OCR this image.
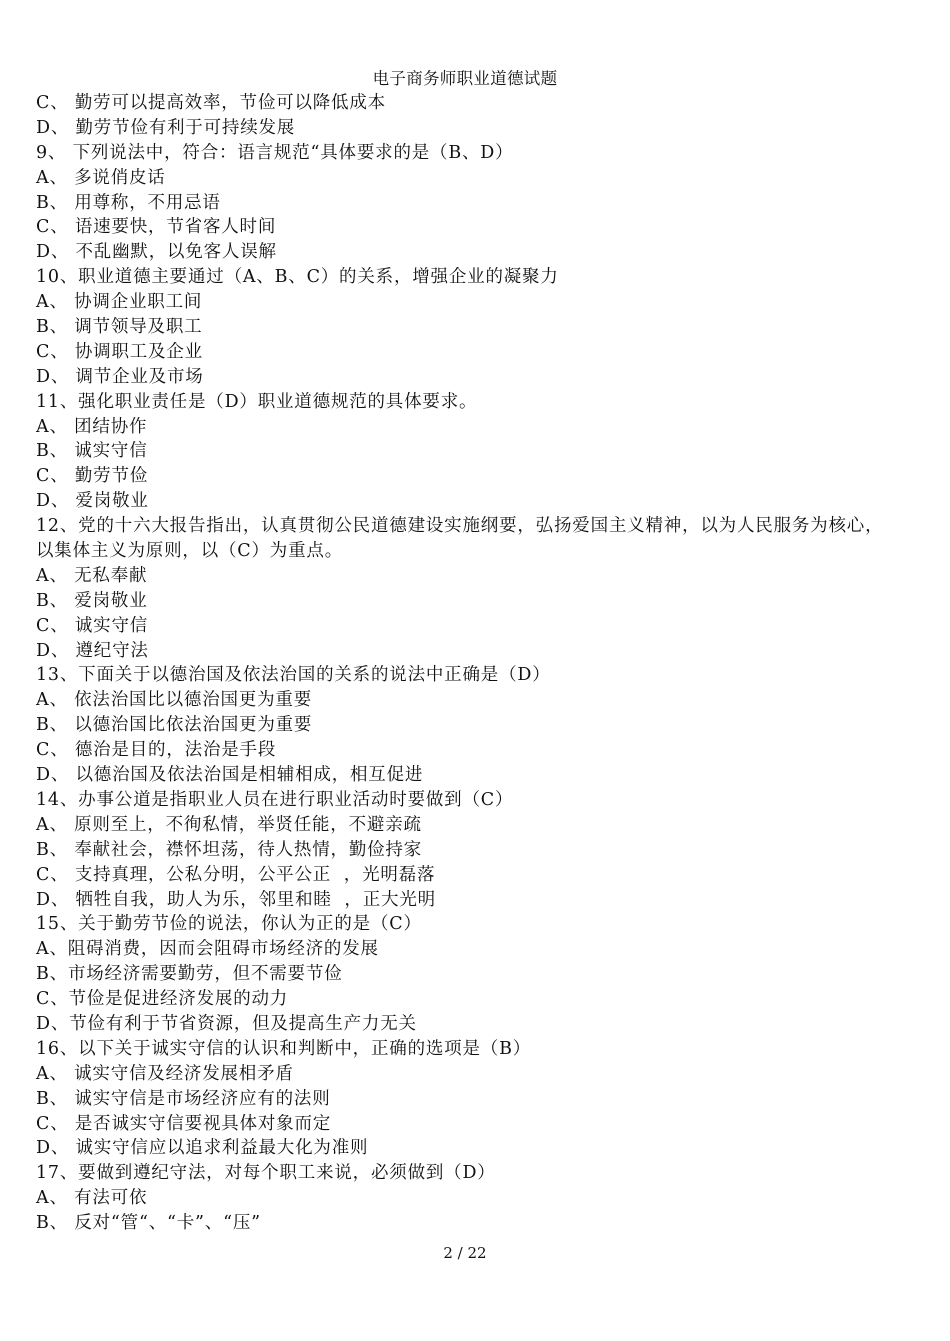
电子商务师职业道德试题
C、 勤劳可以提高效率，节俭可以降低成本
D、 勤劳节俭有利于可持续发展
9、 下列说法中，符合：语言规范“具体要求的是（B、D）
A、 多说俏皮话
B、 用尊称，不用忌语
C、 语速要快，节省客人时间
D、 不乱幽默，以免客人误解
10、职业道德主要通过（A、B、C）的关系，增强企业的凝聚力
A、 协调企业职工间
B、 调节领导及职工
C、 协调职工及企业
D、 调节企业及市场
11、强化职业责任是（D）职业道德规范的具体要求。
A、 团结协作
B、 诚实守信
C、 勤劳节俭
D、 爱岗敬业
12、党的十六大报告指出，认真贯彻公民道德建设实施纲要，弘扬爱国主义精神，以为人民服务为核心，
以集体主义为原则，以（C）为重点。
A、 无私奉献
B、 爱岗敬业
C、 诚实守信
D、 遵纪守法
13、下面关于以德治国及依法治国的关系的说法中正确是（D）
A、 依法治国比以德治国更为重要
B、 以德治国比依法治国更为重要
C、 德治是目的，法治是手段
D、 以德治国及依法治国是相辅相成，相互促进
14、办事公道是指职业人员在进行职业活动时要做到（C）
A、 原则至上，不徇私情，举贤任能，不避亲疏
B、 奉献社会，襟怀坦荡，待人热情，勤俭持家
C、 支持真理，公私分明，公平公正  ，光明磊落
D、 牺牲自我，助人为乐，邻里和睦  ，正大光明
15、关于勤劳节俭的说法，你认为正的是（C）
A、阻碍消费，因而会阻碍市场经济的发展
B、市场经济需要勤劳，但不需要节俭
C、节俭是促进经济发展的动力
D、节俭有利于节省资源，但及提高生产力无关
16、以下关于诚实守信的认识和判断中，正确的选项是（B）
A、 诚实守信及经济发展相矛盾
B、 诚实守信是市场经济应有的法则
C、 是否诚实守信要视具体对象而定
D、 诚实守信应以追求利益最大化为准则
17、要做到遵纪守法，对每个职工来说，必须做到（D）
A、 有法可依
B、 反对“管“、“卡”、“压”
2 / 22
